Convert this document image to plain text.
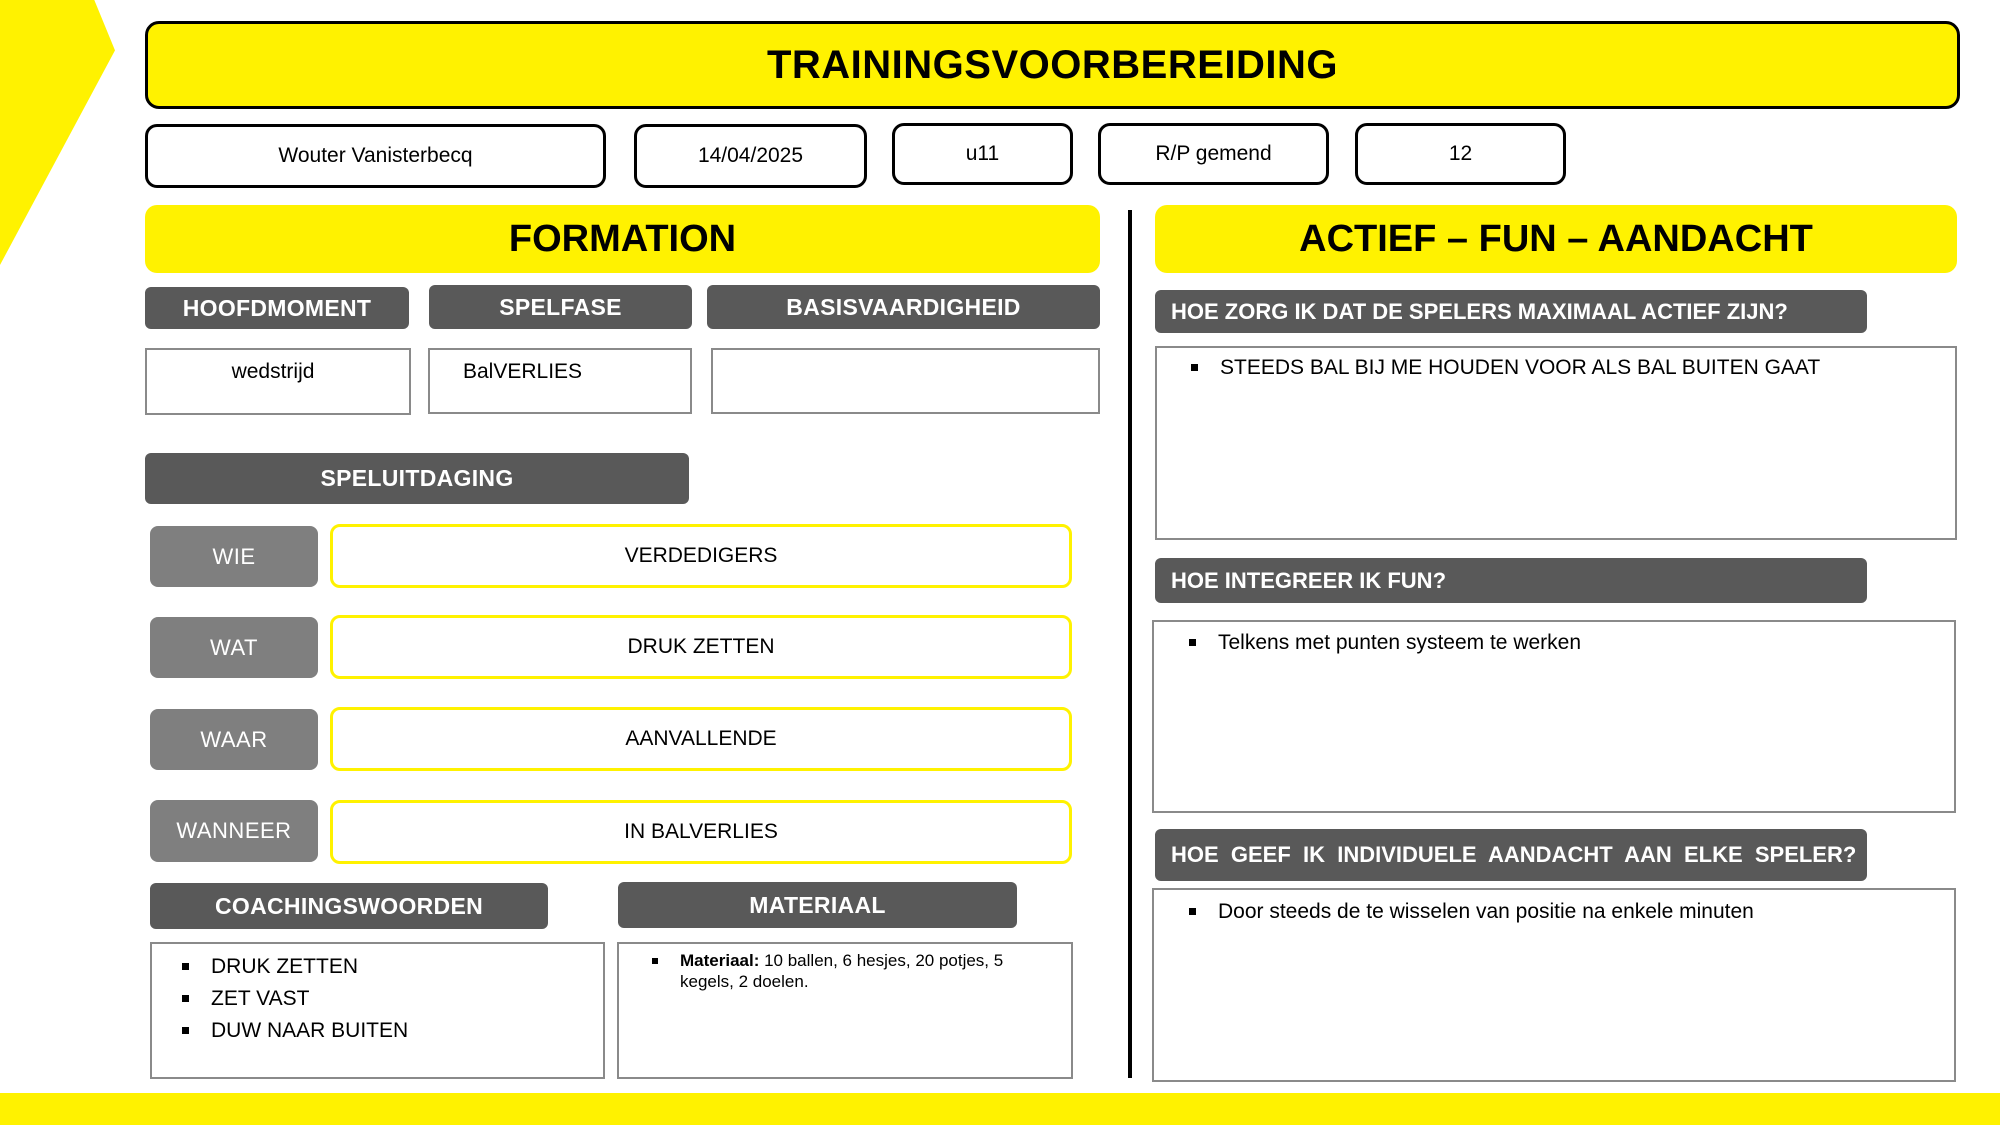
TRAININGSVOORBEREIDING
Wouter Vanisterbecq	14/04/2025	u11	R/P gemend	12
FORMATION
HOOFDMOMENT	SPELFASE	BASISVAARDIGHEID
wedstrijd	BalVERLIES
SPELUITDAGING
WIE	VERDEDIGERS
WAT	DRUK ZETTEN
WAAR	AANVALLENDE
WANNEER	IN BALVERLIES
COACHINGSWOORDEN	MATERIAAL
DRUK ZETTEN
ZET VAST
DUW NAAR BUITEN
Materiaal: 10 ballen, 6 hesjes, 20 potjes, 5
kegels, 2 doelen.
ACTIEF – FUN – AANDACHT
HOE ZORG IK DAT DE SPELERS MAXIMAAL ACTIEF ZIJN?
STEEDS BAL BIJ ME HOUDEN VOOR ALS BAL BUITEN GAAT
HOE INTEGREER IK FUN?
Telkens met punten systeem te werken
HOE  GEEF  IK  INDIVIDUELE  AANDACHT  AAN  ELKE  SPELER?
Door steeds de te wisselen van positie na enkele minuten
